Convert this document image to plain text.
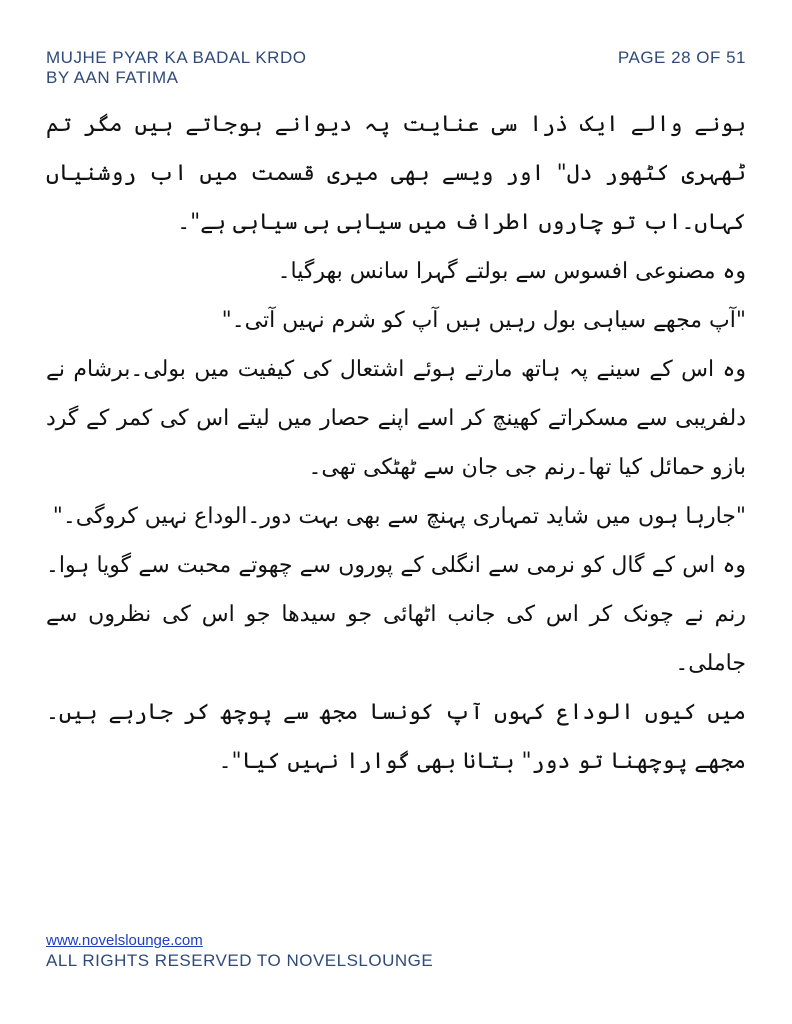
MUJHE PYAR KA BADAL KRDO
BY AAN FATIMA
PAGE 28 OF 51

ہونے والے ایک ذرا سی عنایت پہ دیوانے ہوجاتے ہیں مگر تم ٹھہری کٹھور دل" اور ویسے بھی میری قسمت میں اب روشنیاں کہاں۔اب تو چاروں اطراف میں سیاہی ہی سیاہی ہے"۔

وہ مصنوعی افسوس سے بولتے گہرا سانس بھرگیا۔

"آپ مجھے سیاہی بول رہیں ہیں آپ کو شرم نہیں آتی۔"

وہ اس کے سینے پہ ہاتھ مارتے ہوئے اشتعال کی کیفیت میں بولی۔برشام نے دلفریبی سے مسکراتے کھینچ کر اسے اپنے حصار میں لیتے اس کی کمر کے گرد بازو حمائل کیا تھا۔رنم جی جان سے ٹھٹکی تھی۔

"جارہا ہوں میں شاید تمہاری پہنچ سے بھی بہت دور۔الوداع نہیں کروگی۔"

وہ اس کے گال کو نرمی سے انگلی کے پوروں سے چھوتے محبت سے گویا ہوا۔رنم نے چونک کر اس کی جانب اٹھائی جو سیدھا جو اس کی نظروں سے جاملی۔

میں کیوں الوداع کہوں آپ کونسا مجھ سے پوچھ کر جارہے ہیں۔مجھے پوچھنا تو دور" بتانا بھی گوارا نہیں کیا"۔

www.novelslounge.com
ALL RIGHTS RESERVED TO NOVELSLOUNGE
